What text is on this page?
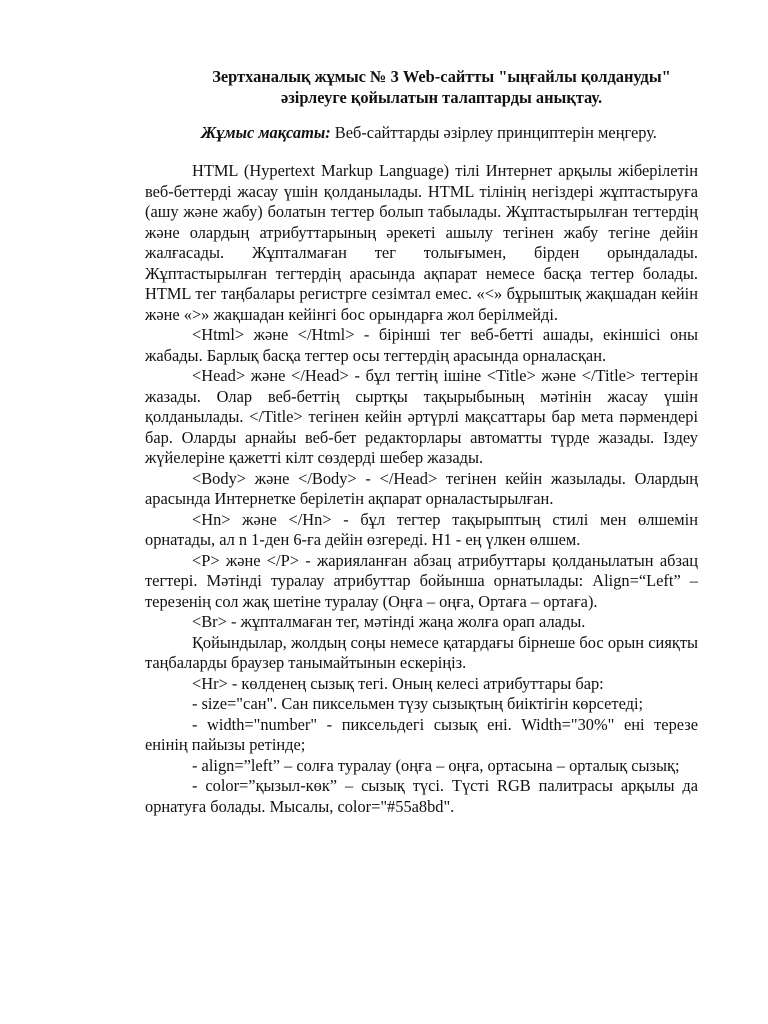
Зертханалық жұмыс № 3 Web-сайтты "ыңғайлы қолдануды"
әзірлеуге қойылатын талаптарды анықтау.

Жұмыс мақсаты: Веб-сайттарды әзірлеу принциптерін меңгеру.

HTML (Hypertext Markup Language) тілі Интернет арқылы жіберілетін веб-беттерді жасау үшін қолданылады. HTML тілінің негіздері жұптастыруға (ашу және жабу) болатын тегтер болып табылады. Жұптастырылған тегтердің және олардың атрибуттарының әрекеті ашылу тегінен жабу тегіне дейін жалғасады. Жұпталмаған тег толығымен, бірден орындалады. Жұптастырылған тегтердің арасында ақпарат немесе басқа тегтер болады. HTML тег таңбалары регистрге сезімтал емес. «<» бұрыштық жақшадан кейін және «>» жақшадан кейінгі бос орындарға жол берілмейді.

<Html> және </Html> - бірінші тег веб-бетті ашады, екіншісі оны жабады. Барлық басқа тегтер осы тегтердің арасында орналасқан.

<Head> және </Head> - бұл тегтің ішіне <Title> және </Title> тегтерін жазады. Олар веб-беттің сыртқы тақырыбының мәтінін жасау үшін қолданылады. </Title> тегінен кейін әртүрлі мақсаттары бар мета пәрмендері бар. Оларды арнайы веб-бет редакторлары автоматты түрде жазады. Іздеу жүйелеріне қажетті кілт сөздерді шебер жазады.

<Body> және </Body> - </Head> тегінен кейін жазылады. Олардың арасында Интернетке берілетін ақпарат орналастырылған.

<Hn> және </Hn> - бұл тегтер тақырыптың стилі мен өлшемін орнатады, ал n 1-ден 6-ға дейін өзгереді. H1 - ең үлкен өлшем.

<P> және </P> - жарияланған абзац атрибуттары қолданылатын абзац тегтері. Мәтінді туралау атрибуттар бойынша орнатылады: Align=“Left” – терезенің сол жақ шетіне туралау (Оңға – оңға, Ортаға – ортаға).

<Br> - жұпталмаған тег, мәтінді жаңа жолға орап алады.

Қойындылар, жолдың соңы немесе қатардағы бірнеше бос орын сияқты таңбаларды браузер танымайтынын ескеріңіз.

<Hr> - көлденең сызық тегі. Оның келесі атрибуттары бар:

- size="сан". Сан пиксельмен түзу сызықтың биіктігін көрсетеді;

- width="number" - пиксельдегі сызық ені. Width="30%" ені терезе енінің пайызы ретінде;

- align=”left” – солға туралау (оңға – оңға, ортасына – орталық сызық;

- color=”қызыл-көк” – сызық түсі. Түсті RGB палитрасы арқылы да орнатуға болады. Мысалы, color="#55a8bd".
